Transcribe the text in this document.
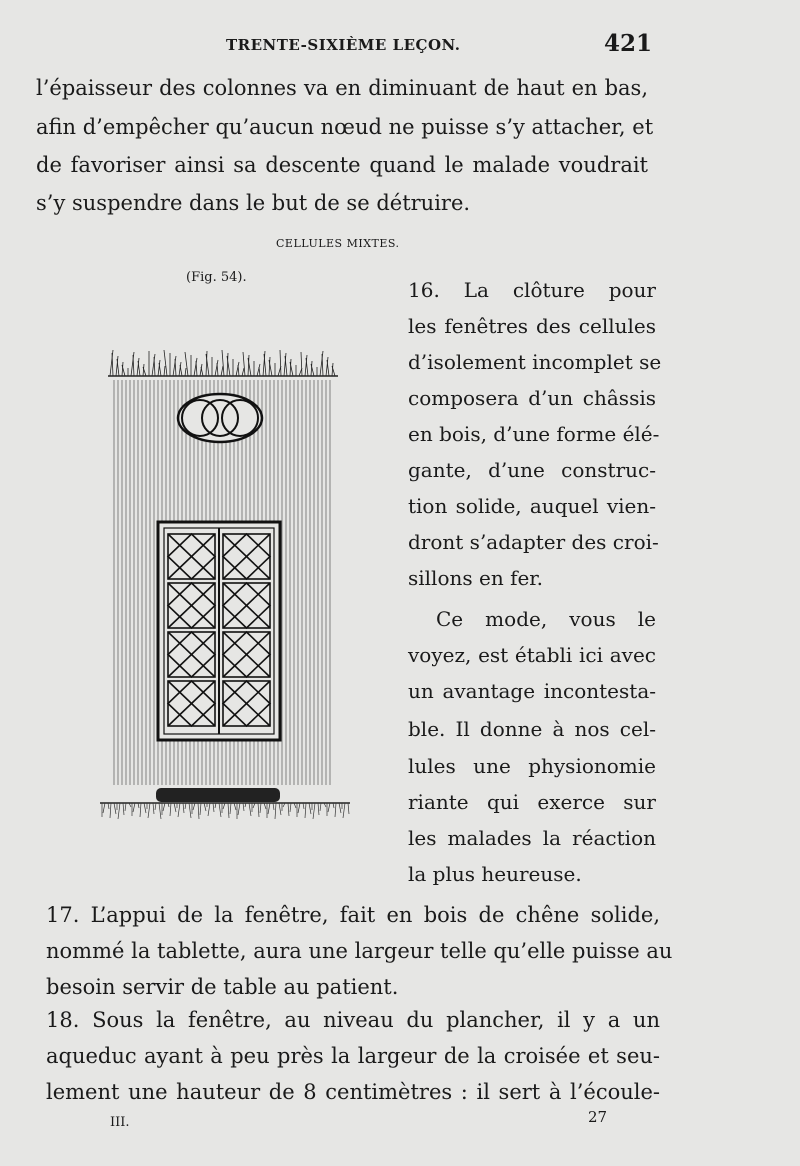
TRENTE-SIXIÈME LEÇON.	421
l’épaisseur des colonnes va en diminuant de haut en bas,
afin d’empêcher qu’aucun nœud ne puisse s’y attacher, et
de favoriser ainsi sa descente quand le malade voudrait
s’y suspendre dans le but de se détruire.
CELLULES MIXTES.
(Fig. 54).
16. La clôture pour
les fenêtres des cellules
d’isolement incomplet se
composera d’un châssis
en bois, d’une forme élé-
gante, d’une construc-
tion solide, auquel vien-
dront s’adapter des croi-
sillons en fer.
Ce mode, vous le
voyez, est établi ici avec
un avantage incontesta-
ble. Il donne à nos cel-
lules une physionomie
riante qui exerce sur
les malades la réaction
la plus heureuse.
17. L’appui de la fenêtre, fait en bois de chêne solide,
nommé la tablette, aura une largeur telle qu’elle puisse au
besoin servir de table au patient.
18. Sous la fenêtre, au niveau du plancher, il y a un
aqueduc ayant à peu près la largeur de la croisée et seu-
lement une hauteur de 8 centimètres : il sert à l’écoule-
III.	27
